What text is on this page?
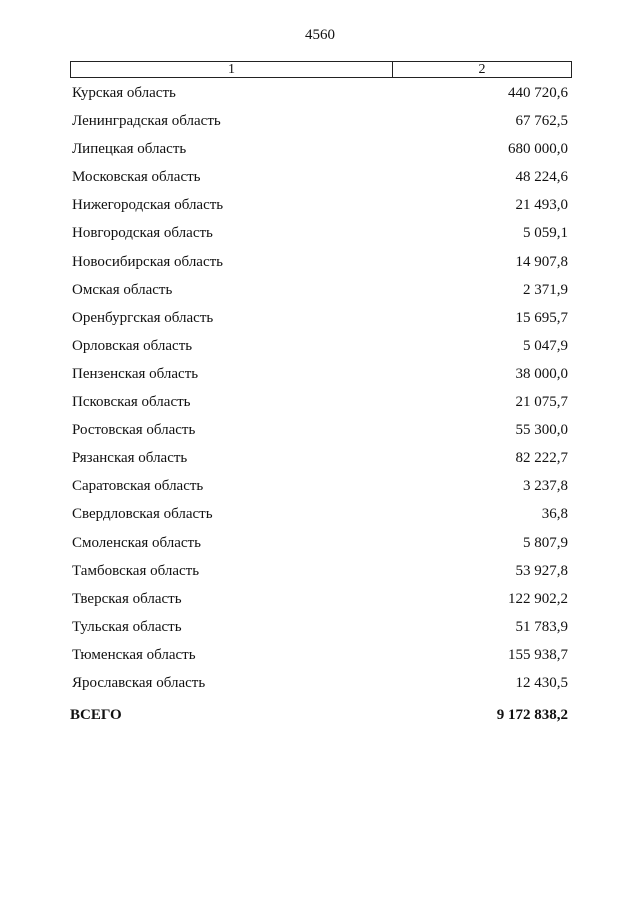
4560
1	2
Курская область	440 720,6
Ленинградская область	67 762,5
Липецкая область	680 000,0
Московская область	48 224,6
Нижегородская область	21 493,0
Новгородская область	5 059,1
Новосибирская область	14 907,8
Омская область	2 371,9
Оренбургская область	15 695,7
Орловская область	5 047,9
Пензенская область	38 000,0
Псковская область	21 075,7
Ростовская область	55 300,0
Рязанская область	82 222,7
Саратовская область	3 237,8
Свердловская область	36,8
Смоленская область	5 807,9
Тамбовская область	53 927,8
Тверская область	122 902,2
Тульская область	51 783,9
Тюменская область	155 938,7
Ярославская область	12 430,5
ВСЕГО	9 172 838,2
